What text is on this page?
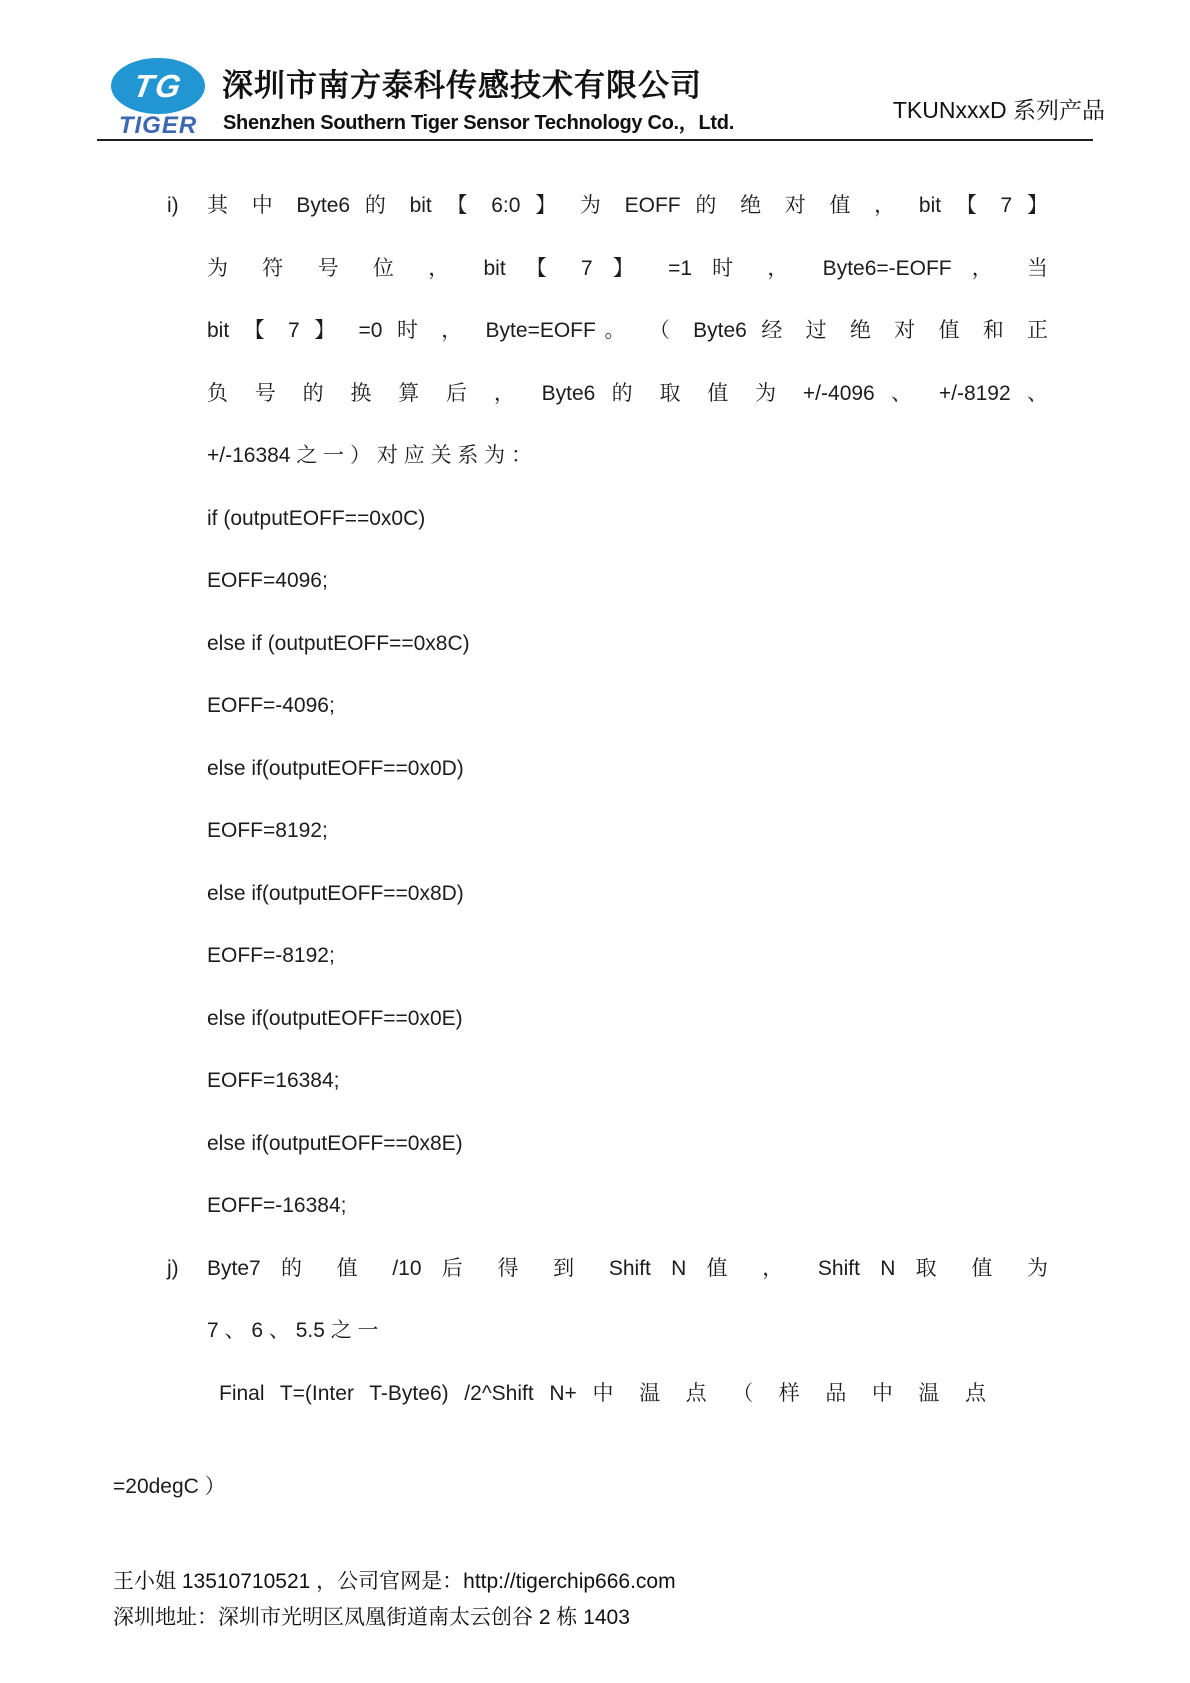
TG
TIGER
深圳市南方泰科传感技术有限公司
Shenzhen Southern Tiger Sensor Technology Co.，Ltd.	TKUNxxxD 系列产品
i) 其 中 Byte6 的 bit 【 6:0 】 为 EOFF 的 绝 对 值 ， bit 【 7 】
为 符 号 位 ， bit 【 7 】 =1 时 ， Byte6=-EOFF ， 当
bit 【 7 】 =0 时 ， Byte=EOFF。 （ Byte6 经 过 绝 对 值 和 正
负 号 的 换 算 后 ， Byte6 的 取 值 为 +/-4096 、 +/-8192 、
+/-16384 之 一 ） 对 应 关 系 为 ：
if (outputEOFF==0x0C)
EOFF=4096;
else if (outputEOFF==0x8C)
EOFF=-4096;
else if(outputEOFF==0x0D)
EOFF=8192;
else if(outputEOFF==0x8D)
EOFF=-8192;
else if(outputEOFF==0x0E)
EOFF=16384;
else if(outputEOFF==0x8E)
EOFF=-16384;
j) Byte7 的 值 /10 后 得 到 Shift N 值 ， Shift N 取 值 为
7 、 6 、 5.5 之 一
Final T=(Inter T-Byte6) /2^Shift N+ 中 温 点 （ 样 品 中 温 点
=20degC ）
王小姐 13510710521 ，公司官网是：http://tigerchip666.com
深圳地址：深圳市光明区凤凰街道南太云创谷 2 栋 1403
